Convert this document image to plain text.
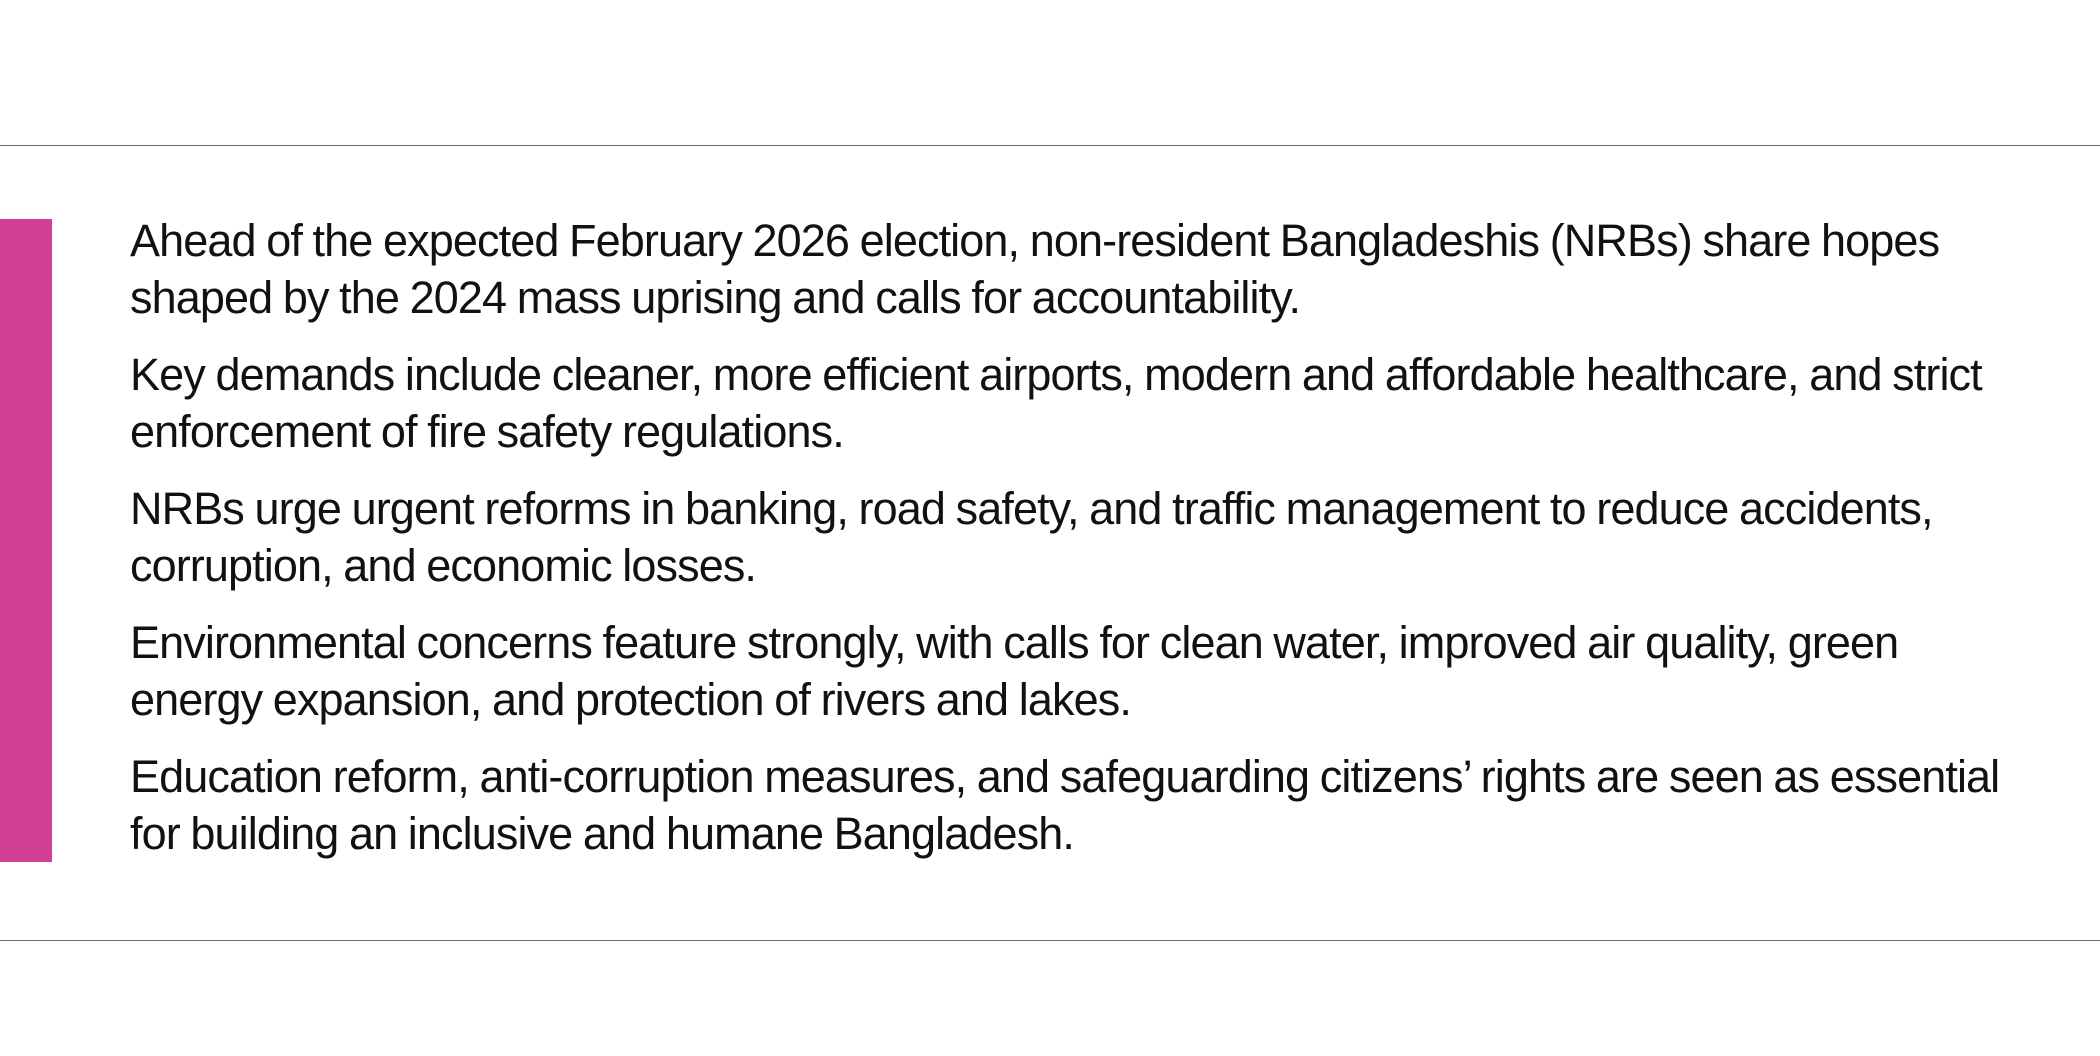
Ahead of the expected February 2026 election, non-resident Bangladeshis (NRBs) share hopes shaped by the 2024 mass uprising and calls for accountability.
Key demands include cleaner, more efficient airports, modern and affordable healthcare, and strict enforcement of fire safety regulations.
NRBs urge urgent reforms in banking, road safety, and traffic management to reduce accidents, corruption, and economic losses.
Environmental concerns feature strongly, with calls for clean water, improved air quality, green energy expansion, and protection of rivers and lakes.
Education reform, anti-corruption measures, and safeguarding citizens’ rights are seen as essential for building an inclusive and humane Bangladesh.
